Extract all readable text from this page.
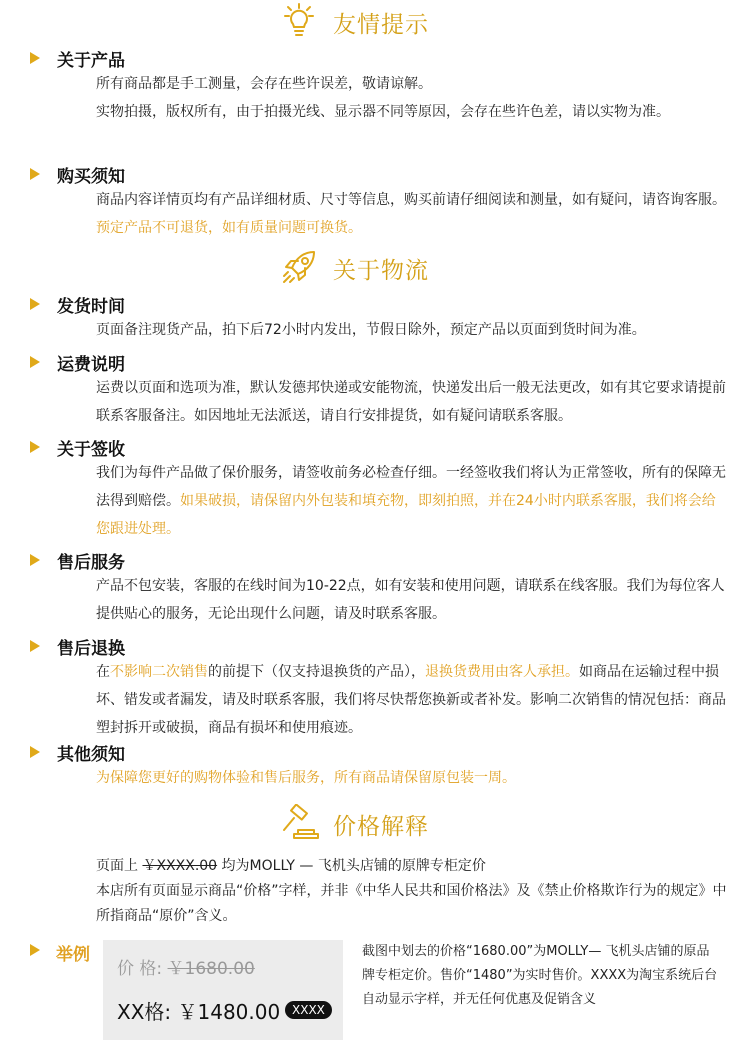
友情提示
关于产品
所有商品都是手工测量，会存在些许误差，敬请谅解。
实物拍摄，版权所有，由于拍摄光线、显示器不同等原因，会存在些许色差，请以实物为准。
购买须知
商品内容详情页均有产品详细材质、尺寸等信息，购买前请仔细阅读和测量，如有疑问，请咨询客服。预定产品不可退货，如有质量问题可换货。
关于物流
发货时间
页面备注现货产品，拍下后72小时内发出，节假日除外，预定产品以页面到货时间为准。
运费说明
运费以页面和选项为准，默认发德邦快递或安能物流，快递发出后一般无法更改，如有其它要求请提前联系客服备注。如因地址无法派送，请自行安排提货，如有疑问请联系客服。
关于签收
我们为每件产品做了保价服务，请签收前务必检查仔细。一经签收我们将认为正常签收，所有的保障无法得到赔偿。如果破损，请保留内外包装和填充物，即刻拍照，并在24小时内联系客服，我们将会给您跟进处理。
售后服务
产品不包安装，客服的在线时间为10-22点，如有安装和使用问题，请联系在线客服。我们为每位客人提供贴心的服务，无论出现什么问题，请及时联系客服。
售后退换
在不影响二次销售的前提下（仅支持退换货的产品），退换货费用由客人承担。如商品在运输过程中损坏、错发或者漏发，请及时联系客服，我们将尽快帮您换新或者补发。影响二次销售的情况包括：商品塑封拆开或破损，商品有损坏和使用痕迹。
其他须知
为保障您更好的购物体验和售后服务，所有商品请保留原包装一周。
价格解释
页面上 ￥XXXX.00 均为MOLLY — 飞机头店铺的原牌专柜定价
本店所有页面显示商品“价格”字样，并非《中华人民共和国价格法》及《禁止价格欺诈行为的规定》中所指商品“原价”含义。
举例
价 格: ￥1680.00
XX格: ￥1480.00 XXXX
截图中划去的价格“1680.00”为MOLLY— 飞机头店铺的原品牌专柜定价。售价“1480”为实时售价。XXXX为淘宝系统后台自动显示字样，并无任何优惠及促销含义
